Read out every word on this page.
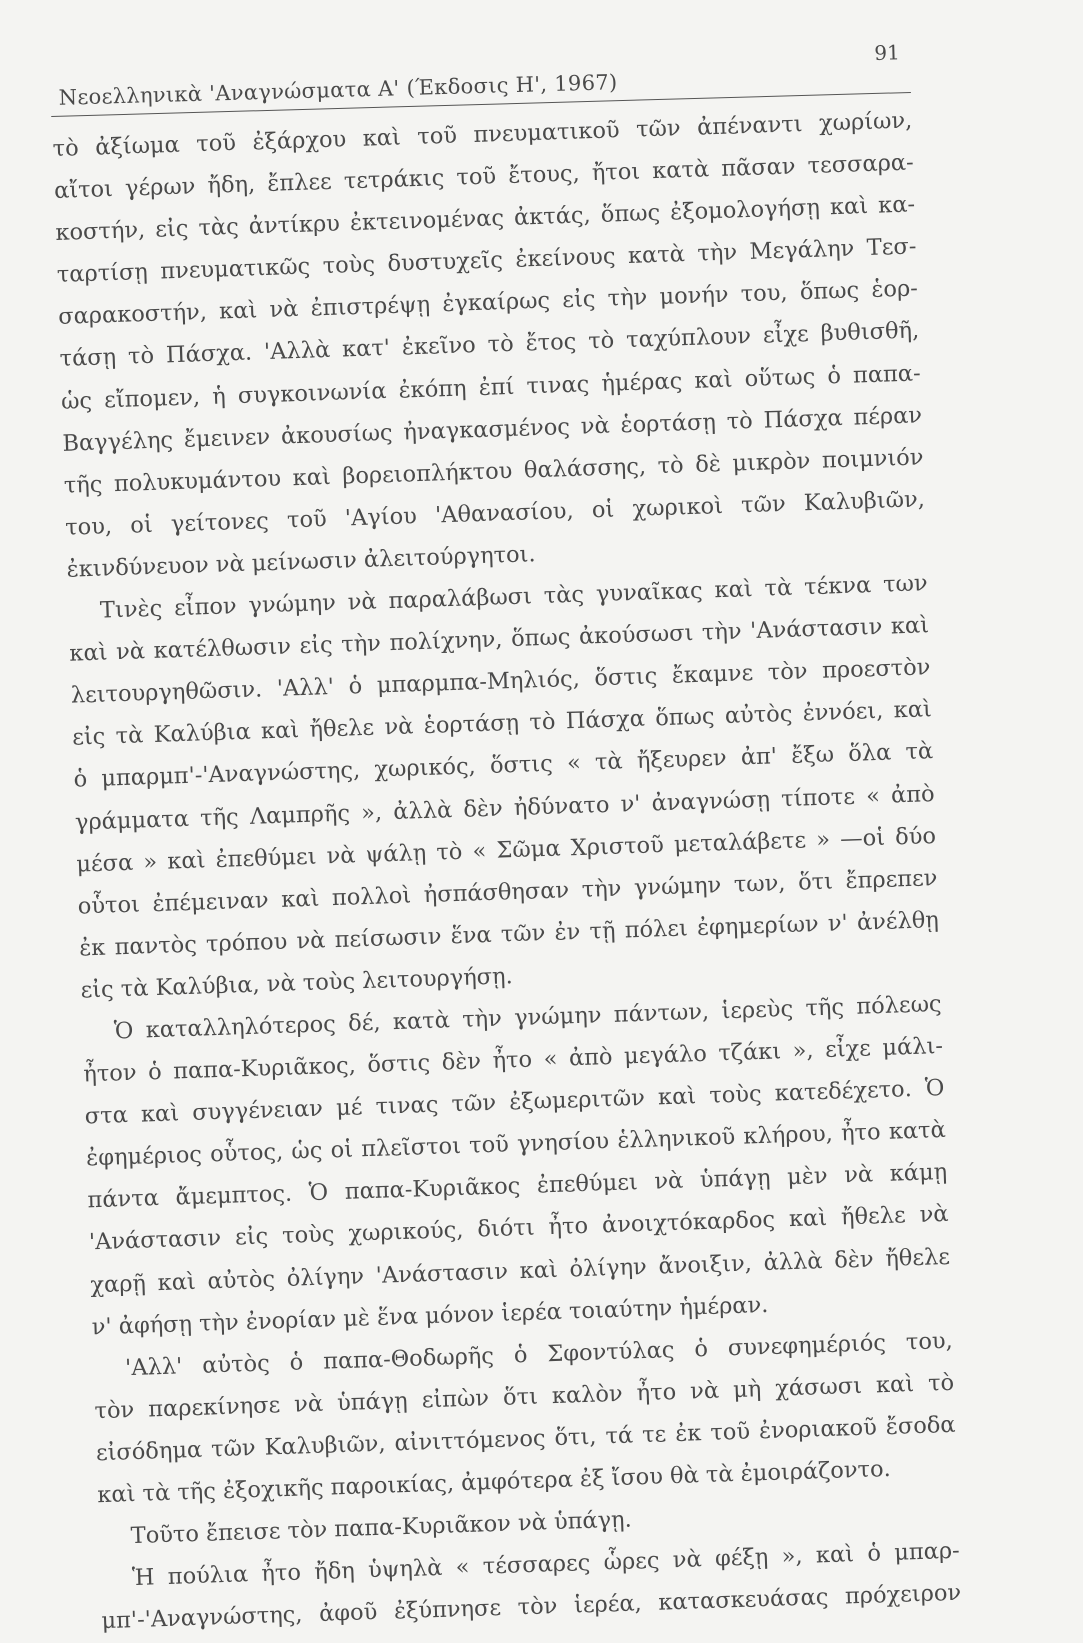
Νεοελληνικὰ 'Αναγνώσματα Α' (Έκδοσις Η', 1967)
91
τὸ ἀξίωμα τοῦ ἐξάρχου καὶ τοῦ πνευματικοῦ τῶν ἀπέναντι χωρίων,
αἴτοι γέρων ἤδη, ἔπλεε τετράκις τοῦ ἔτους, ἤτοι κατὰ πᾶσαν τεσσαρα-
κοστήν, εἰς τὰς ἀντίκρυ ἐκτεινομένας ἀκτάς, ὅπως ἐξομολογήσῃ καὶ κα-
ταρτίσῃ πνευματικῶς τοὺς δυστυχεῖς ἐκείνους κατὰ τὴν Μεγάλην Τεσ-
σαρακοστήν, καὶ νὰ ἐπιστρέψῃ ἐγκαίρως εἰς τὴν μονήν του, ὅπως ἑορ-
τάσῃ τὸ Πάσχα. 'Αλλὰ κατ' ἐκεῖνο τὸ ἔτος τὸ ταχύπλουν εἶχε βυθισθῆ,
ὡς εἴπομεν, ἡ συγκοινωνία ἐκόπη ἐπί τινας ἡμέρας καὶ οὕτως ὁ παπα-
Βαγγέλης ἔμεινεν ἀκουσίως ἠναγκασμένος νὰ ἑορτάσῃ τὸ Πάσχα πέραν
τῆς πολυκυμάντου καὶ βορειοπλήκτου θαλάσσης, τὸ δὲ μικρὸν ποιμνιόν
του, οἱ γείτονες τοῦ 'Αγίου 'Αθανασίου, οἱ χωρικοὶ τῶν Καλυβιῶν,
ἐκινδύνευον νὰ μείνωσιν ἀλειτούργητοι.
Τινὲς εἶπον γνώμην νὰ παραλάβωσι τὰς γυναῖκας καὶ τὰ τέκνα των
καὶ νὰ κατέλθωσιν εἰς τὴν πολίχνην, ὅπως ἀκούσωσι τὴν 'Ανάστασιν καὶ
λειτουργηθῶσιν. 'Αλλ' ὁ μπαρμπα-Μηλιός, ὅστις ἔκαμνε τὸν προεστὸν
εἰς τὰ Καλύβια καὶ ἤθελε νὰ ἑορτάσῃ τὸ Πάσχα ὅπως αὐτὸς ἐννόει, καὶ
ὁ μπαρμπ'-'Αναγνώστης, χωρικός, ὅστις « τὰ ἤξευρεν ἀπ' ἔξω ὅλα τὰ
γράμματα τῆς Λαμπρῆς », ἀλλὰ δὲν ἠδύνατο ν' ἀναγνώσῃ τίποτε « ἀπὸ
μέσα » καὶ ἐπεθύμει νὰ ψάλῃ τὸ « Σῶμα Χριστοῦ μεταλάβετε » —οἱ δύο
οὗτοι ἐπέμειναν καὶ πολλοὶ ἠσπάσθησαν τὴν γνώμην των, ὅτι ἔπρεπεν
ἐκ παντὸς τρόπου νὰ πείσωσιν ἕνα τῶν ἐν τῇ πόλει ἐφημερίων ν' ἀνέλθῃ
εἰς τὰ Καλύβια, νὰ τοὺς λειτουργήσῃ.
Ὁ καταλληλότερος δέ, κατὰ τὴν γνώμην πάντων, ἱερεὺς τῆς πόλεως
ἦτον ὁ παπα-Κυριᾶκος, ὅστις δὲν ἦτο « ἀπὸ μεγάλο τζάκι », εἶχε μάλι-
στα καὶ συγγένειαν μέ τινας τῶν ἐξωμεριτῶν καὶ τοὺς κατεδέχετο. Ὁ
ἐφημέριος οὗτος, ὡς οἱ πλεῖστοι τοῦ γνησίου ἑλληνικοῦ κλήρου, ἦτο κατὰ
πάντα ἄμεμπτος. Ὁ παπα-Κυριᾶκος ἐπεθύμει νὰ ὑπάγῃ μὲν νὰ κάμῃ
'Ανάστασιν εἰς τοὺς χωρικούς, διότι ἦτο ἀνοιχτόκαρδος καὶ ἤθελε νὰ
χαρῇ καὶ αὐτὸς ὀλίγην 'Ανάστασιν καὶ ὀλίγην ἄνοιξιν, ἀλλὰ δὲν ἤθελε
ν' ἀφήσῃ τὴν ἐνορίαν μὲ ἕνα μόνον ἱερέα τοιαύτην ἡμέραν.
'Αλλ' αὐτὸς ὁ παπα-Θοδωρῆς ὁ Σφοντύλας ὁ συνεφημέριός του,
τὸν παρεκίνησε νὰ ὑπάγῃ εἰπὼν ὅτι καλὸν ἦτο νὰ μὴ χάσωσι καὶ τὸ
εἰσόδημα τῶν Καλυβιῶν, αἰνιττόμενος ὅτι, τά τε ἐκ τοῦ ἐνοριακοῦ ἔσοδα
καὶ τὰ τῆς ἐξοχικῆς παροικίας, ἀμφότερα ἐξ ἴσου θὰ τὰ ἐμοιράζοντο.
Τοῦτο ἔπεισε τὸν παπα-Κυριᾶκον νὰ ὑπάγῃ.
Ἡ πούλια ἦτο ἤδη ὑψηλὰ « τέσσαρες ὧρες νὰ φέξῃ », καὶ ὁ μπαρ-
μπ'-'Αναγνώστης, ἀφοῦ ἐξύπνησε τὸν ἱερέα, κατασκευάσας πρόχειρον
